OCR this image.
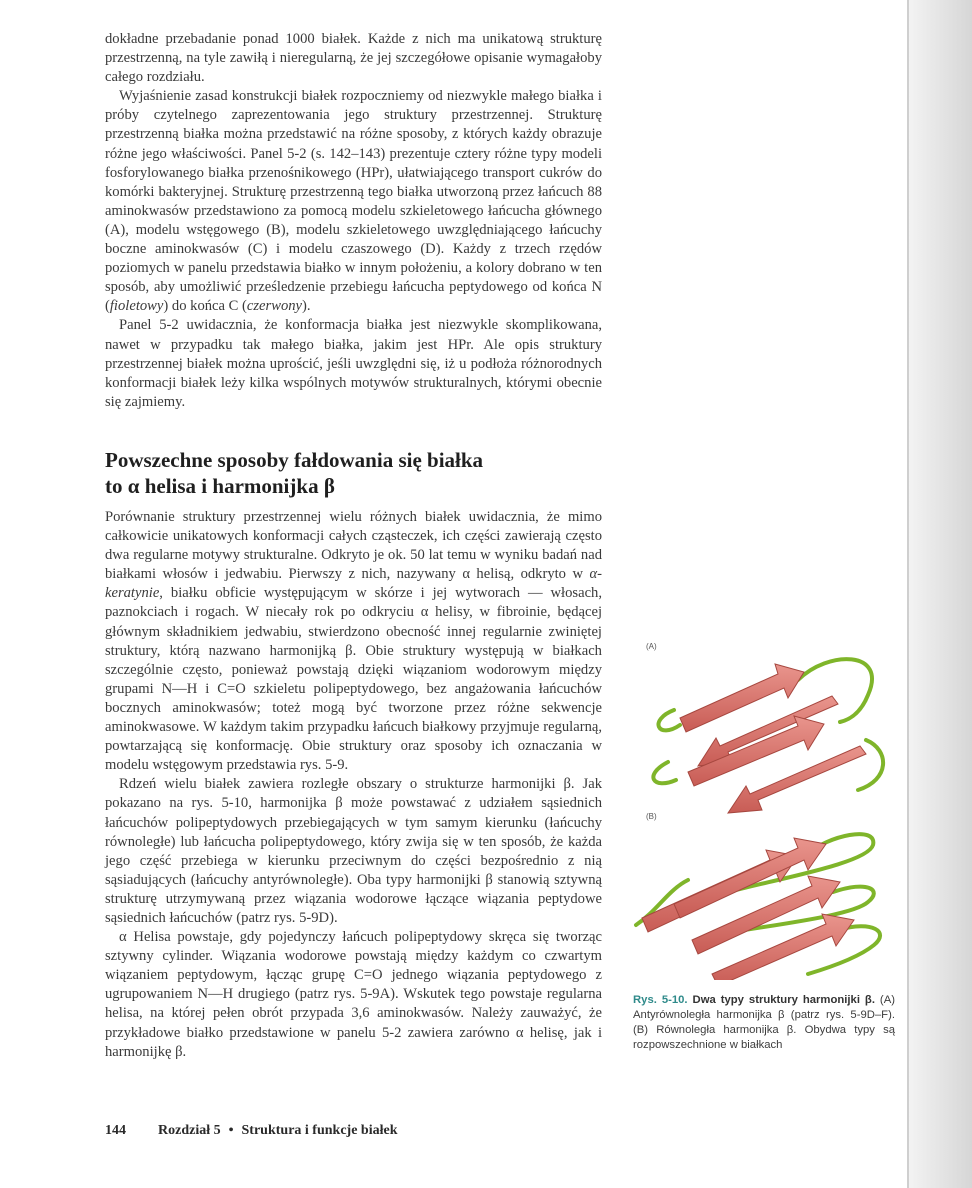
dokładne przebadanie ponad 1000 białek. Każde z nich ma unikatową strukturę przestrzenną, na tyle zawiłą i nieregularną, że jej szczegółowe opisanie wymagałoby całego rozdziału.

Wyjaśnienie zasad konstrukcji białek rozpoczniemy od niezwykle małego białka i próby czytelnego zaprezentowania jego struktury przestrzennej. Strukturę przestrzenną białka można przedstawić na różne sposoby, z których każdy obrazuje różne jego właściwości. Panel 5-2 (s. 142–143) prezentuje cztery różne typy modeli fosforylowanego białka przenośnikowego (HPr), ułatwiającego transport cukrów do komórki bakteryjnej. Strukturę przestrzenną tego białka utworzoną przez łańcuch 88 aminokwasów przedstawiono za pomocą modelu szkieletowego łańcucha głównego (A), modelu wstęgowego (B), modelu szkieletowego uwzględniającego łańcuchy boczne aminokwasów (C) i modelu czaszowego (D). Każdy z trzech rzędów poziomych w panelu przedstawia białko w innym położeniu, a kolory dobrano w ten sposób, aby umożliwić prześledzenie przebiegu łańcucha peptydowego od końca N (fioletowy) do końca C (czerwony).

Panel 5-2 uwidacznia, że konformacja białka jest niezwykle skomplikowana, nawet w przypadku tak małego białka, jakim jest HPr. Ale opis struktury przestrzennej białek można uprościć, jeśli uwzględni się, iż u podłoża różnorodnych konformacji białek leży kilka wspólnych motywów strukturalnych, którymi obecnie się zajmiemy.

Powszechne sposoby fałdowania się białka
to α helisa i harmonijka β

Porównanie struktury przestrzennej wielu różnych białek uwidacznia, że mimo całkowicie unikatowych konformacji całych cząsteczek, ich części zawierają często dwa regularne motywy strukturalne. Odkryto je ok. 50 lat temu w wyniku badań nad białkami włosów i jedwabiu. Pierwszy z nich, nazywany α helisą, odkryto w α-keratynie, białku obficie występującym w skórze i jej wytworach — włosach, paznokciach i rogach. W niecały rok po odkryciu α helisy, w fibroinie, będącej głównym składnikiem jedwabiu, stwierdzono obecność innej regularnie zwiniętej struktury, którą nazwano harmonijką β. Obie struktury występują w białkach szczególnie często, ponieważ powstają dzięki wiązaniom wodorowym między grupami N—H i C=O szkieletu polipeptydowego, bez angażowania łańcuchów bocznych aminokwasów; toteż mogą być tworzone przez różne sekwencje aminokwasowe. W każdym takim przypadku łańcuch białkowy przyjmuje regularną, powtarzającą się konformację. Obie struktury oraz sposoby ich oznaczania w modelu wstęgowym przedstawia rys. 5-9.

Rdzeń wielu białek zawiera rozległe obszary o strukturze harmonijki β. Jak pokazano na rys. 5-10, harmonijka β może powstawać z udziałem sąsiednich łańcuchów polipeptydowych przebiegających w tym samym kierunku (łańcuchy równoległe) lub łańcucha polipeptydowego, który zwija się w ten sposób, że każda jego część przebiega w kierunku przeciwnym do części bezpośrednio z nią sąsiadujących (łańcuchy antyrównoległe). Oba typy harmonijki β stanowią sztywną strukturę utrzymywaną przez wiązania wodorowe łączące wiązania peptydowe sąsiednich łańcuchów (patrz rys. 5-9D).

α Helisa powstaje, gdy pojedynczy łańcuch polipeptydowy skręca się tworząc sztywny cylinder. Wiązania wodorowe powstają między każdym co czwartym wiązaniem peptydowym, łącząc grupę C=O jednego wiązania peptydowego z ugrupowaniem N—H drugiego (patrz rys. 5-9A). Wskutek tego powstaje regularna helisa, na której pełen obrót przypada 3,6 aminokwasów. Należy zauważyć, że przykładowe białko przedstawione w panelu 5-2 zawiera zarówno α helisę, jak i harmonijkę β.

(A)
(B)
Rys. 5-10. Dwa typy struktury harmonijki β. (A) Antyrównoległa harmonijka β (patrz rys. 5-9D–F). (B) Równoległa harmonijka β. Obydwa typy są rozpowszechnione w białkach
144 Rozdział 5 • Struktura i funkcje białek
